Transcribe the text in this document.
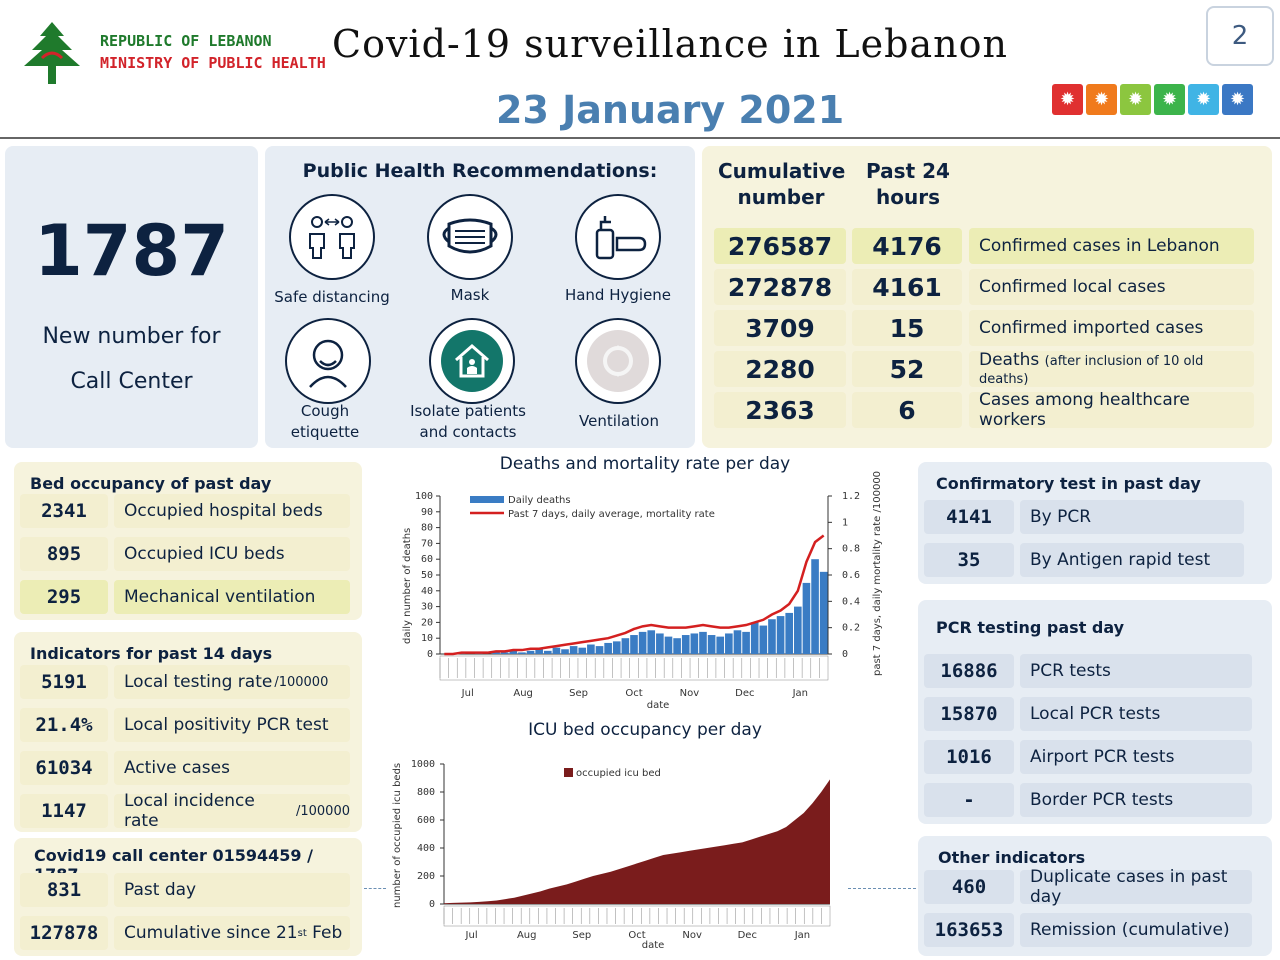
REPUBLIC OF LEBANON
MINISTRY OF PUBLIC HEALTH Covid-19 surveillance in Lebanon
23 January 2021
2
✹	✹	✹	✹	✹	✹
1787
New number for Call Center
Public Health Recommendations:
Safe distancing	Mask	Hand Hygiene
Cough etiquette
Isolate patients and contacts
Ventilation
Cumulative number
Past 24 hours
276587	4176	Confirmed cases in Lebanon
272878	4161	Confirmed local cases
3709	15	Confirmed imported cases
2280	52	Deaths (after inclusion of 10 old deaths)
2363	6	Cases among healthcare workers
Bed occupancy of past day
2341	Occupied hospital beds
895	Occupied ICU beds
295	Mechanical ventilation
Indicators for past 14 days
5191	Local testing rate /100000
21.4%	Local positivity PCR test
61034	Active cases
1147	Local incidence rate	/100000
Covid19 call center 01594459 /
831	Past day
127878	Cumulative since 21 st Feb
Confirmatory test in past day
4141	By PCR
35	By Antigen rapid test
PCR testing past day
16886	PCR tests
15870	Local PCR tests
1016	Airport PCR tests
-	Border PCR tests
Other indicators
460	Duplicate cases in past day
163653	Remission (cumulative)
Deaths and mortality rate per day
0
10
20
30
40
50
60
70
80
90
100
0
0.2
0.4
0.6
0.8
1
1.2
Jul	Aug	Sep	Oct	Nov	Dec	Jan
date
daily number of deaths	past 7 days, daily mortality rate /100000
Daily deaths
Past 7 days, daily average, mortality rate
ICU bed occupancy per day
0
200
400
600
800
1000
Jul	Aug	Sep	Oct	Nov	Dec	Jan
date
number of occupied icu beds	occupied icu bed
